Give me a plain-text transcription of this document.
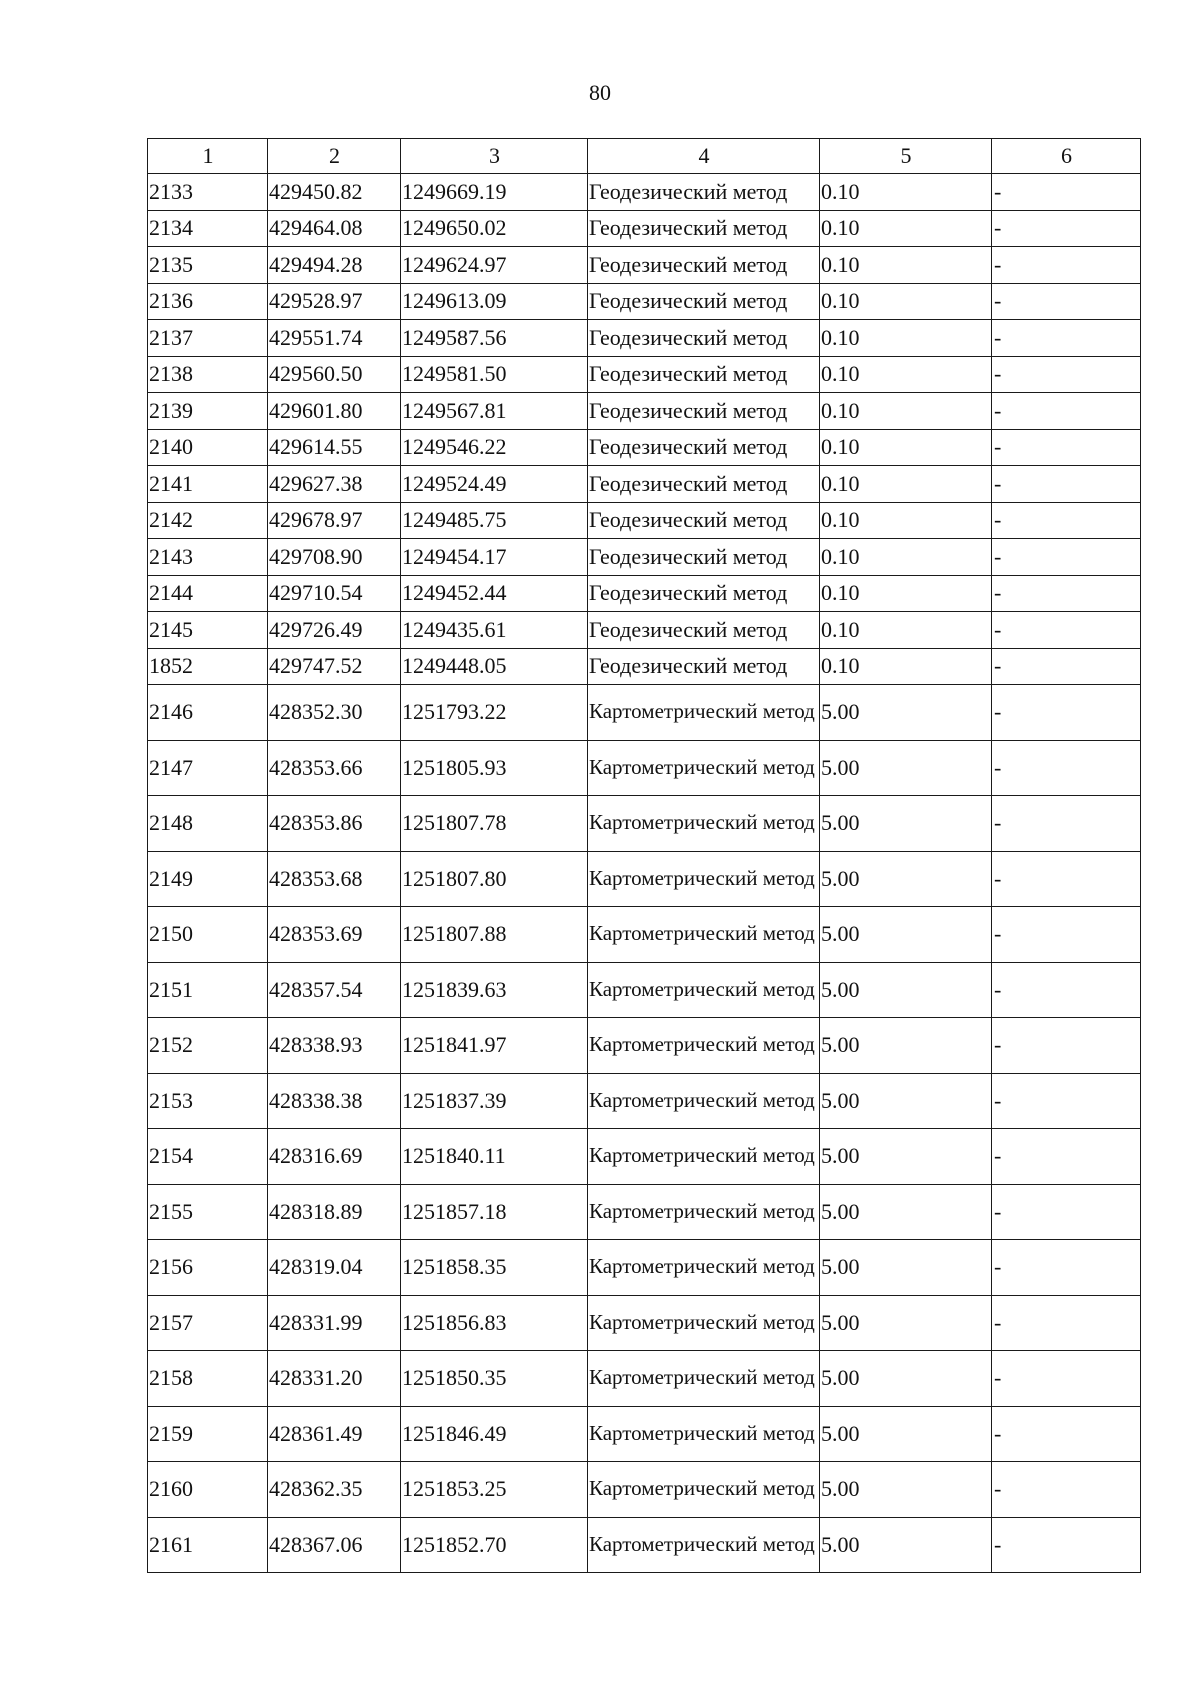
80
1	2	3	4	5	6
2133	429450.82	1249669.19	Геодезический метод	0.10	-
2134	429464.08	1249650.02	Геодезический метод	0.10	-
2135	429494.28	1249624.97	Геодезический метод	0.10	-
2136	429528.97	1249613.09	Геодезический метод	0.10	-
2137	429551.74	1249587.56	Геодезический метод	0.10	-
2138	429560.50	1249581.50	Геодезический метод	0.10	-
2139	429601.80	1249567.81	Геодезический метод	0.10	-
2140	429614.55	1249546.22	Геодезический метод	0.10	-
2141	429627.38	1249524.49	Геодезический метод	0.10	-
2142	429678.97	1249485.75	Геодезический метод	0.10	-
2143	429708.90	1249454.17	Геодезический метод	0.10	-
2144	429710.54	1249452.44	Геодезический метод	0.10	-
2145	429726.49	1249435.61	Геодезический метод	0.10	-
1852	429747.52	1249448.05	Геодезический метод	0.10	-
2146	428352.30	1251793.22	Картометрический метод	5.00	-
2147	428353.66	1251805.93	Картометрический метод	5.00	-
2148	428353.86	1251807.78	Картометрический метод	5.00	-
2149	428353.68	1251807.80	Картометрический метод	5.00	-
2150	428353.69	1251807.88	Картометрический метод	5.00	-
2151	428357.54	1251839.63	Картометрический метод	5.00	-
2152	428338.93	1251841.97	Картометрический метод	5.00	-
2153	428338.38	1251837.39	Картометрический метод	5.00	-
2154	428316.69	1251840.11	Картометрический метод	5.00	-
2155	428318.89	1251857.18	Картометрический метод	5.00	-
2156	428319.04	1251858.35	Картометрический метод	5.00	-
2157	428331.99	1251856.83	Картометрический метод	5.00	-
2158	428331.20	1251850.35	Картометрический метод	5.00	-
2159	428361.49	1251846.49	Картометрический метод	5.00	-
2160	428362.35	1251853.25	Картометрический метод	5.00	-
2161	428367.06	1251852.70	Картометрический метод	5.00	-
